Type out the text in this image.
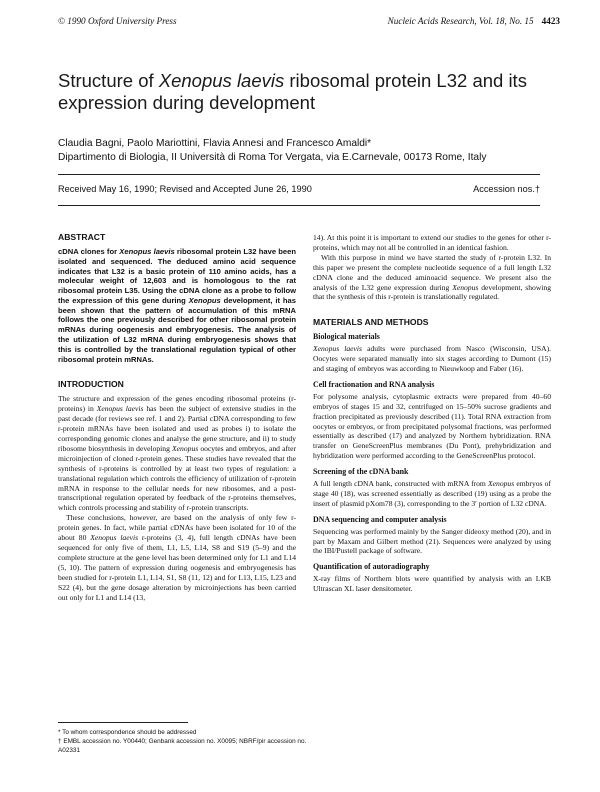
© 1990 Oxford University Press	Nucleic Acids Research, Vol. 18, No. 15 4423
Structure of Xenopus laevis ribosomal protein L32 and its expression during development
Claudia Bagni, Paolo Mariottini, Flavia Annesi and Francesco Amaldi*
Dipartimento di Biologia, II Università di Roma Tor Vergata, via E.Carnevale, 00173 Rome, Italy
Received May 16, 1990; Revised and Accepted June 26, 1990	Accession nos.†
ABSTRACT

cDNA clones for Xenopus laevis ribosomal protein L32 have been isolated and sequenced. The deduced amino acid sequence indicates that L32 is a basic protein of 110 amino acids, has a molecular weight of 12,603 and is homologous to the rat ribosomal protein L35. Using the cDNA clone as a probe to follow the expression of this gene during Xenopus development, it has been shown that the pattern of accumulation of this mRNA follows the one previously described for other ribosomal protein mRNAs during oogenesis and embryogenesis. The analysis of the utilization of L32 mRNA during embryogenesis shows that this is controlled by the translational regulation typical of other ribosomal protein mRNAs.

INTRODUCTION

The structure and expression of the genes encoding ribosomal proteins (r-proteins) in Xenopus laevis has been the subject of extensive studies in the past decade (for reviews see ref. 1 and 2). Partial cDNA corresponding to few r-protein mRNAs have been isolated and used as probes i) to isolate the corresponding genomic clones and analyse the gene structure, and ii) to study ribosome biosynthesis in developing Xenopus oocytes and embryos, and after microinjection of cloned r-protein genes. These studies have revealed that the synthesis of r-proteins is controlled by at least two types of regulation: a translational regulation which controls the efficiency of utilization of r-protein mRNA in response to the cellular needs for new ribosomes, and a post-transcriptional regulation operated by feedback of the r-proteins themselves, which controls processing and stability of r-protein transcripts.

These conclusions, however, are based on the analysis of only few r-protein genes. In fact, while partial cDNAs have been isolated for 10 of the about 80 Xenopus laevis r-proteins (3, 4), full length cDNAs have been sequenced for only five of them, L1, L5, L14, S8 and S19 (5–9) and the complete structure at the gene level has been determined only for L1 and L14 (5, 10). The pattern of expression during oogenesis and embryogenesis has been studied for r-protein L1, L14, S1, S8 (11, 12) and for L13, L15, L23 and S22 (4), but the gene dosage alteration by microinjections has been carried out only for L1 and L14 (13,

14). At this point it is important to extend our studies to the genes for other r-proteins, which may not all be controlled in an identical fashion.

With this purpose in mind we have started the study of r-protein L32. In this paper we present the complete nucleotide sequence of a full length L32 cDNA clone and the deduced aminoacid sequence. We present also the analysis of the L32 gene expression during Xenopus development, showing that the synthesis of this r-protein is translationally regulated.

MATERIALS AND METHODS
Biological materials

Xenopus laevis adults were purchased from Nasco (Wisconsin, USA). Oocytes were separated manually into six stages according to Dumont (15) and staging of embryos was according to Nieuwkoop and Faber (16).

Cell fractionation and RNA analysis

For polysome analysis, cytoplasmic extracts were prepared from 40–60 embryos of stages 15 and 32, centrifuged on 15–50% sucrose gradients and fraction precipitated as previously described (11). Total RNA extraction from oocytes or embryos, or from precipitated polysomal fractions, was performed essentially as described (17) and analyzed by Northern hybridization. RNA transfer on GeneScreenPlus membranes (Du Pont), prehybridization and hybridization were performed according to the GeneScreenPlus protocol.

Screening of the cDNA bank

A full length cDNA bank, constructed with mRNA from Xenopus embryos of stage 40 (18), was screened essentially as described (19) using as a probe the insert of plasmid pXom78 (3), corresponding to the 3′ portion of L32 cDNA.

DNA sequencing and computer analysis

Sequencing was performed mainly by the Sanger dideoxy method (20), and in part by Maxam and Gilbert method (21). Sequences were analyzed by using the IBI/Pustell package of software.

Quantification of autoradiography

X-ray films of Northern blots were quantified by analysis with an LKB Ultrascan XL laser densitometer.

* To whom correspondence should be addressed

† EMBL accession no. Y00440; Genbank accession no. X0095; NBRF/pir accession no. A02331
